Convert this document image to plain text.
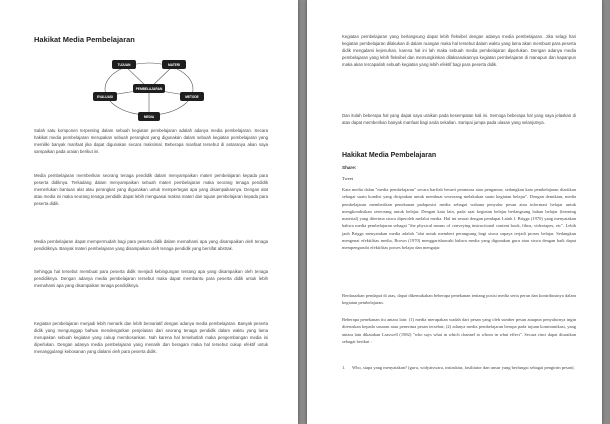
Hakikat Media Pembelajaran
PEMBELAJARAN
TUJUAN	MATERI
METODE
MEDIA
EVALUASI

Salah satu komponen terpenting dalam sebuah kegiatan pembelajaran adalah adanya media pembelajaran. Secara hakikat media pembelajaran merupakan sebuah perangkat yang digunakan dalam sebuah kegiatan pembelajaran yang memiliki banyak manfaat jika dapat digunakan secara maksimal. Beberapa manfaat tersebut di antaranya akan saya sampaikan pada uraian berikut ini.

Media pembelajaran memberikan seorang tenaga pendidik dalam menyampaikan materi pembelajaran kepada para peserta didiknya. Terkadang dalam menyampaikan sebuah materi pembelajaran maka seorang tenaga pendidik memerlukan bantuan alat atau perangkat yang digunakan untuk mempertegas apa yang disampaikannya. Dengan alat atau media ini maka seorang tenaga pendidik dapat lebih menguasai makna materi dan tujuan pembelajaran kepada para peserta didik.

Media pembelajaran dapat mempermudah bagi para peserta didik dalam memahami apa yang disampaikan oleh tenaga pendidiknya. Banyak materi pembelajaran yang disampaikan oleh tenaga pendidik yang bersifat abstrak.

Sehingga hal tersebut membuat para peserta didik menjadi kebingungan tentang apa yang disampaikan oleh tenaga pendidiknya. Dengan adanya media pembelajaran tersebut maka dapat membantu para peserta didik untuk lebih memahami apa yang disampaikan tenaga pendidiknya.

Kegiatan pembelajaran menjadi lebih menarik dan lebih bervariatif dengan adanya media pembelajaran. Banyak peserta didik yang mengunggap bahwa mendengarkan penjelasan dari seorang tenaga pendidik dalam waktu yang lama merupakan sebuah kegiatan yang cukup membosankan. Nah karena hal tersebutlah maka pengembangan media ini diperlukan. Dengan adanya media pembelajaran yang menarik dan beragam maka hal tersebut cukup efektif untuk menanggulangi kebosanan yang dialami oleh para peserta didik.

Kegiatan pembelajaran yang berlangsung dapat lebih fleksibel dengan adanya media pembelajaran. Jika selagi hari kegiatan pembelajaran dilakukan di dalam ruangan maka hal tersebut dalam waktu yang lama akan membuat para peserta didik mengalami kejenuhan, karena hal ini lah maka sebuah media pembelajaran diperlukan. Dengan adanya media pembelajaran yang lebih fleksibel dan memungkinkan dilaksanakannya kegiatan pembelajaran di manapun dan kapanpun maka akan tercapailah sebuah kegiatan yang lebih efektif bagi para peserta didik.

Dan itulah beberapa hal yang dapat saya uraikan pada kesempatan kali ini. Semoga beberapa hal yang saya jelaskan di atas dapat memberikan banyak manfaat bagi anda sekalian. Sampai jumpa pada ulasan yang selanjutnya.

Hakikat Media Pembelajaran
Share:
Tweet

Kata media dalan "media pembelajaran" secara harfiah berarti perantara atau pengantar; sedangkan kata pembelajaran diartikan sebagai suatu kondisi yang diciptakan untuk membuat seseorang melakukan suatu kegiatan belajar". Dengan demikian, media pembelajaran memberikan penekanan padaposisi media sebagai wahana penyalur pesan atau informasi belajar untuk mengkondisikan seseorang untuk belajar. Dengan kata lain, pada saat kegiatan belajar berlangsung bahan belajar (learning material) yang diterima siswa diperoleh melalui media. Hal ini sesuai dengan pendapat Latuh I. Briggs (1970) yang menyatakan bahwa media pembelajaran sebagai "the physical means of conveying instructional content book, films, videotapes, etc". Lebih jauh Briggs menyatakan media adalah "alat untuk memberi perangsang bagi siswa supaya terjadi proses belajar. Sedangkan mengenai efektifitas media, Brown (1970) menggarisbawahi bahwa media yang digunakan guru atau siswa dengan baik dapat mempengaruhi efektifitas proses belajar dan mengajar.

Berdasarkan pendapat di atas, dapat dikemukakan beberapa penekanan tentang posisi media serta peran dan kontribusinya dalam kegiatan pembelajaran.

Beberapa penekanan itu antara lain: (1) media merupakan wadah dari pesan yang oleh sumber pesan ataupun penyalurnya ingin diteruskan kepada sasaran atau penerima pesan tersebut; (2) adanya media pembelajaran berupa pada tujuan kominunikasi, yang antara lain dikatakan Lasswell (1982) "who says what in which channel to whom in what effect". Secara rinci dapat diuraikan sebagai berikut :

1. Who, siapa yang menyatakan? (guru, widyaiswara, instruktur, fasilitator dan unsur yang berfungsi sebagai pengirim pesan).
